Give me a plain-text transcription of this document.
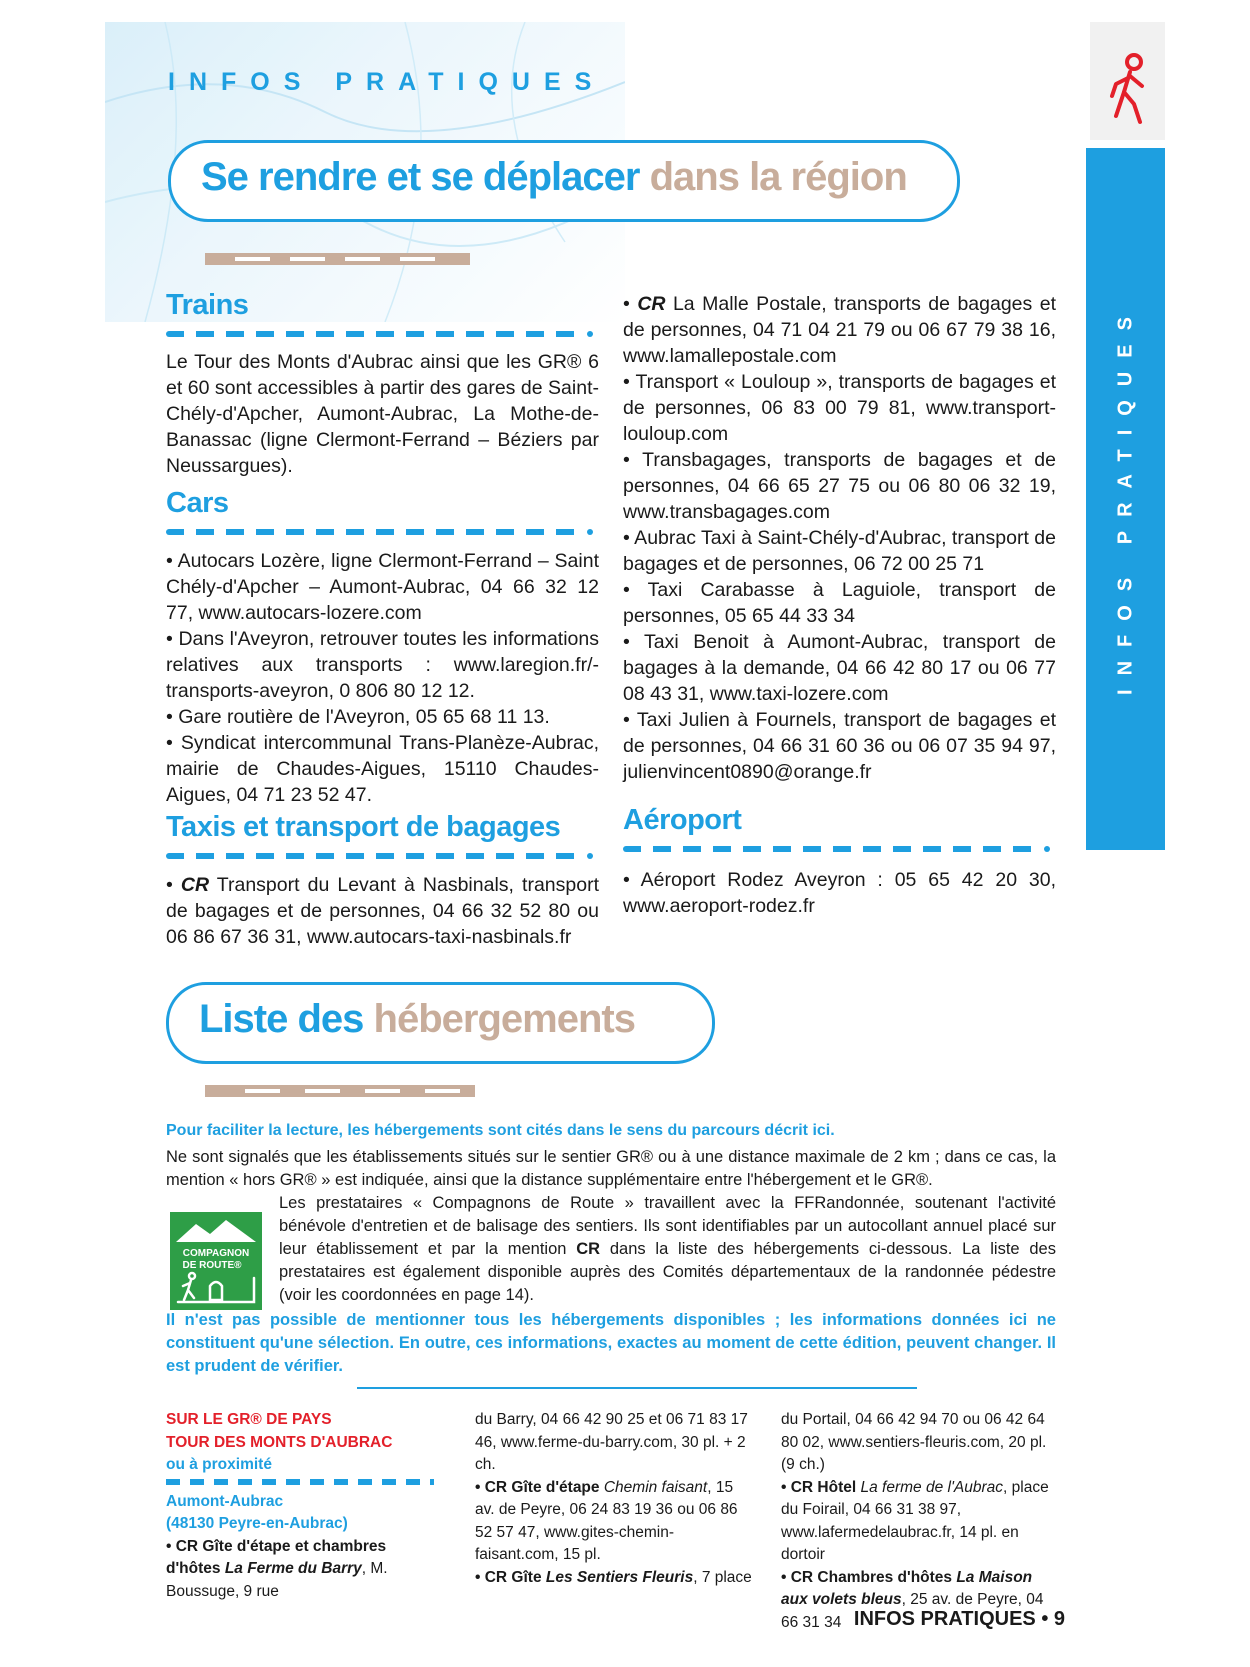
INFOS PRATIQUES
INFOS PRATIQUES
Se rendre et se déplacer dans la région
Trains

Le Tour des Monts d'Aubrac ainsi que les GR® 6 et 60 sont accessibles à partir des gares de Saint-Chély-d'Apcher, Aumont-Aubrac, La Mothe-de-Banassac (ligne Clermont-Ferrand – Béziers par Neussargues).

Cars

• Autocars Lozère, ligne Clermont-Ferrand – Saint Chély-d'Apcher – Aumont-Aubrac, 04 66 32 12 77, www.autocars-lozere.com

• Dans l'Aveyron, retrouver toutes les informations relatives aux transports : www.laregion.fr/-transports-aveyron, 0 806 80 12 12.

• Gare routière de l'Aveyron, 05 65 68 11 13.

• Syndicat intercommunal Trans-Planèze-Aubrac, mairie de Chaudes-Aigues, 15110 Chaudes-Aigues, 04 71 23 52 47.

Taxis et transport de bagages

• CR Transport du Levant à Nasbinals, transport de bagages et de personnes, 04 66 32 52 80 ou 06 86 67 36 31, www.autocars-taxi-nasbinals.fr

• CR La Malle Postale, transports de bagages et de personnes, 04 71 04 21 79 ou 06 67 79 38 16, www.lamallepostale.com

• Transport « Louloup », transports de bagages et de personnes, 06 83 00 79 81, www.transport-louloup.com

• Transbagages, transports de bagages et de personnes, 04 66 65 27 75 ou 06 80 06 32 19, www.transbagages.com

• Aubrac Taxi à Saint-Chély-d'Aubrac, transport de bagages et de personnes, 06 72 00 25 71

• Taxi Carabasse à Laguiole, transport de personnes, 05 65 44 33 34

• Taxi Benoit à Aumont-Aubrac, transport de bagages à la demande, 04 66 42 80 17 ou 06 77 08 43 31, www.taxi-lozere.com

• Taxi Julien à Fournels, transport de bagages et de personnes, 04 66 31 60 36 ou 06 07 35 94 97, julienvincent0890@orange.fr

Aéroport

• Aéroport Rodez Aveyron : 05 65 42 20 30, www.aeroport-rodez.fr

Liste des hébergements
Pour faciliter la lecture, les hébergements sont cités dans le sens du parcours décrit ici.
Ne sont signalés que les établissements situés sur le sentier GR® ou à une distance maximale de 2 km ; dans ce cas, la mention « hors GR® » est indiquée, ainsi que la distance supplémentaire entre l'hébergement et le GR®.
COMPAGNON
DE ROUTE®
Les prestataires « Compagnons de Route » travaillent avec la FFRandonnée, soutenant l'activité bénévole d'entretien et de balisage des sentiers. Ils sont identifiables par un autocollant annuel placé sur leur établissement et par la mention CR dans la liste des hébergements ci-dessous. La liste des prestataires est également disponible auprès des Comités départementaux de la randonnée pédestre (voir les coordonnées en page 14).
Il n'est pas possible de mentionner tous les hébergements disponibles ; les informations données ici ne constituent qu'une sélection. En outre, ces informations, exactes au moment de cette édition, peuvent changer. Il est prudent de vérifier.

SUR LE GR® DE PAYS

TOUR DES MONTS D'AUBRAC

ou à proximité

Aumont-Aubrac

(48130 Peyre-en-Aubrac)

• CR Gîte d'étape et chambres d'hôtes La Ferme du Barry, M. Boussuge, 9 rue

du Barry, 04 66 42 90 25 et 06 71 83 17 46, www.ferme-du-barry.com, 30 pl. + 2 ch.

• CR Gîte d'étape Chemin faisant, 15 av. de Peyre, 06 24 83 19 36 ou 06 86 52 57 47, www.gites-chemin-faisant.com, 15 pl.

• CR Gîte Les Sentiers Fleuris, 7 place

du Portail, 04 66 42 94 70 ou 06 42 64 80 02, www.sentiers-fleuris.com, 20 pl. (9 ch.)

• CR Hôtel La ferme de l'Aubrac, place du Foirail, 04 66 31 38 97, www.lafermedelaubrac.fr, 14 pl. en dortoir

• CR Chambres d'hôtes La Maison aux volets bleus, 25 av. de Peyre, 04 66 31 34 INFOS PRATIQUES • 9
